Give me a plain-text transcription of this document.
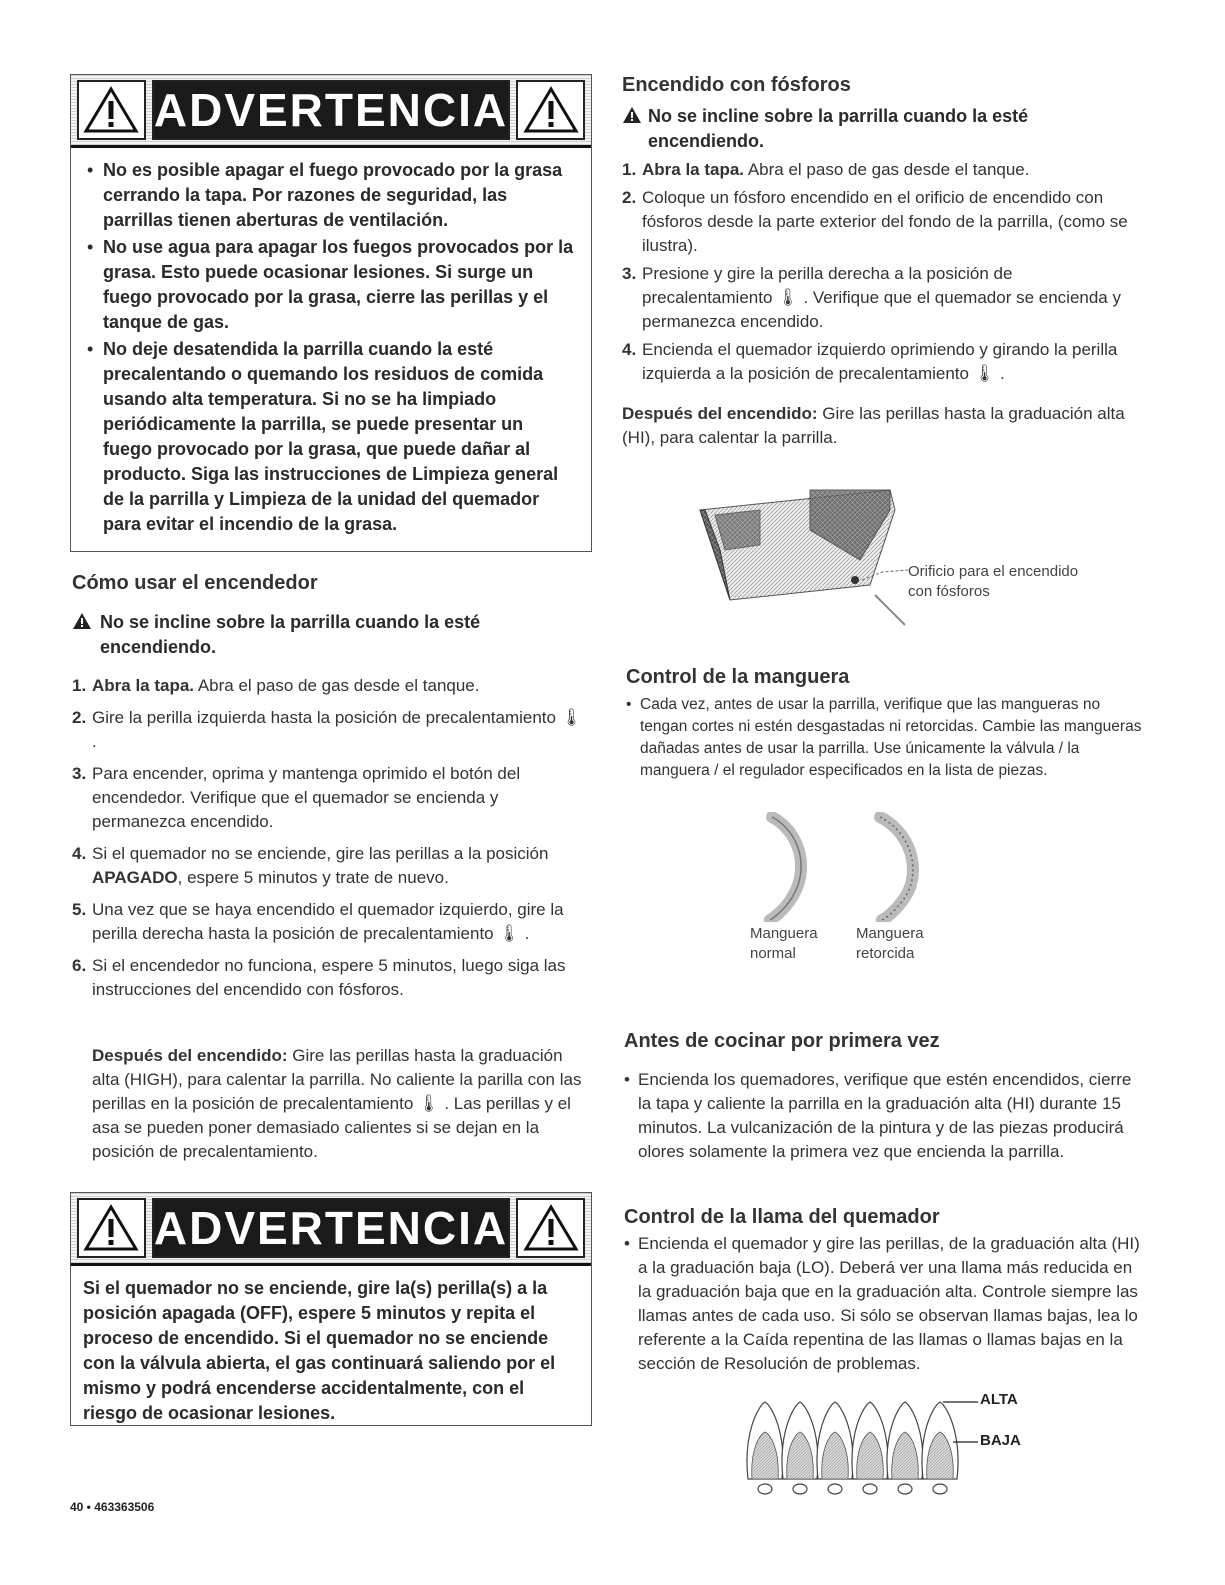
ADVERTENCIA
• No es posible apagar el fuego provocado por la grasa cerrando la tapa. Por razones de seguridad, las parrillas tienen aberturas de ventilación.
• No use agua para apagar los fuegos provocados por la grasa. Esto puede ocasionar lesiones. Si surge un fuego provocado por la grasa, cierre las perillas y el tanque de gas.
• No deje desatendida la parrilla cuando la esté precalentando o quemando los residuos de comida usando alta temperatura. Si no se ha limpiado periódicamente la parrilla, se puede presentar un fuego provocado por la grasa, que puede dañar al producto. Siga las instrucciones de Limpieza general de la parrilla y Limpieza de la unidad del quemador para evitar el incendio de la grasa.
Cómo usar el encendedor
No se incline sobre la parrilla cuando la esté encendiendo.
1. Abra la tapa. Abra el paso de gas desde el tanque.
2. Gire la perilla izquierda hasta la posición de precalentamiento 🌡 .
3. Para encender, oprima y mantenga oprimido el botón del encendedor. Verifique que el quemador se encienda y permanezca encendido.
4. Si el quemador no se enciende, gire las perillas a la posición APAGADO, espere 5 minutos y trate de nuevo.
5. Una vez que se haya encendido el quemador izquierdo, gire la perilla derecha hasta la posición de precalentamiento 🌡 .
6. Si el encendedor no funciona, espere 5 minutos, luego siga las instrucciones del encendido con fósforos.
Después del encendido: Gire las perillas hasta la graduación alta (HIGH), para calentar la parrilla. No caliente la parilla con las perillas en la posición de precalentamiento 🌡 . Las perillas y el asa se pueden poner demasiado calientes si se dejan en la posición de precalentamiento.
ADVERTENCIA
Si el quemador no se enciende, gire la(s) perilla(s) a la posición apagada (OFF), espere 5 minutos y repita el proceso de encendido. Si el quemador no se enciende con la válvula abierta, el gas continuará saliendo por el mismo y podrá encenderse accidentalmente, con el riesgo de ocasionar lesiones.
Encendido con fósforos
No se incline sobre la parrilla cuando la esté encendiendo.
1. Abra la tapa. Abra el paso de gas desde el tanque.
2. Coloque un fósforo encendido en el orificio de encendido con fósforos desde la parte exterior del fondo de la parrilla, (como se ilustra).
3. Presione y gire la perilla derecha a la posición de precalentamiento 🌡 . Verifique que el quemador se encienda y permanezca encendido.
4. Encienda el quemador izquierdo oprimiendo y girando la perilla izquierda a la posición de precalentamiento 🌡 .
Después del encendido: Gire las perillas hasta la graduación alta (HI), para calentar la parrilla.
Orificio para el encendido con fósforos
Control de la manguera
• Cada vez, antes de usar la parrilla, verifique que las mangueras no tengan cortes ni estén desgastadas ni retorcidas. Cambie las mangueras dañadas antes de usar la parrilla. Use únicamente la válvula / la manguera / el regulador especificados en la lista de piezas.
Manguera normal
Manguera retorcida
Antes de cocinar por primera vez
• Encienda los quemadores, verifique que estén encendidos, cierre la tapa y caliente la parrilla en la graduación alta (HI) durante 15 minutos. La vulcanización de la pintura y de las piezas producirá olores solamente la primera vez que encienda la parrilla.
Control de la llama del quemador
• Encienda el quemador y gire las perillas, de la graduación alta (HI) a la graduación baja (LO). Deberá ver una llama más reducida en la graduación baja que en la graduación alta. Controle siempre las llamas antes de cada uso. Si sólo se observan llamas bajas, lea lo referente a la Caída repentina de las llamas o llamas bajas en la sección de Resolución de problemas.
ALTA
BAJA
40 • 463363506
